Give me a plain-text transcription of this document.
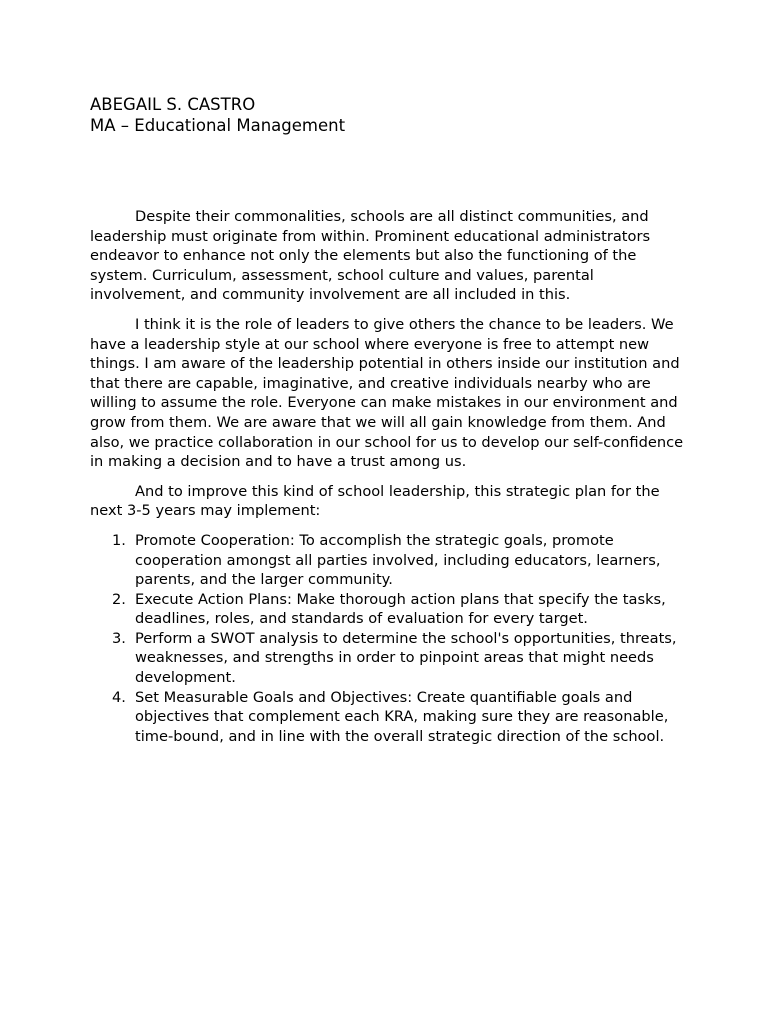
ABEGAIL S. CASTRO
MA – Educational Management

Despite their commonalities, schools are all distinct communities, and leadership must originate from within. Prominent educational administrators endeavor to enhance not only the elements but also the functioning of the system. Curriculum, assessment, school culture and values, parental involvement, and community involvement are all included in this.

I think it is the role of leaders to give others the chance to be leaders. We have a leadership style at our school where everyone is free to attempt new things. I am aware of the leadership potential in others inside our institution and that there are capable, imaginative, and creative individuals nearby who are willing to assume the role. Everyone can make mistakes in our environment and grow from them. We are aware that we will all gain knowledge from them. And also, we practice collaboration in our school for us to develop our self-confidence in making a decision and to have a trust among us.

And to improve this kind of school leadership, this strategic plan for the next 3-5 years may implement:

1. Promote Cooperation: To accomplish the strategic goals, promote cooperation amongst all parties involved, including educators, learners, parents, and the larger community.
2. Execute Action Plans: Make thorough action plans that specify the tasks, deadlines, roles, and standards of evaluation for every target.
3. Perform a SWOT analysis to determine the school's opportunities, threats, weaknesses, and strengths in order to pinpoint areas that might needs development.
4. Set Measurable Goals and Objectives: Create quantifiable goals and objectives that complement each KRA, making sure they are reasonable, time-bound, and in line with the overall strategic direction of the school.
